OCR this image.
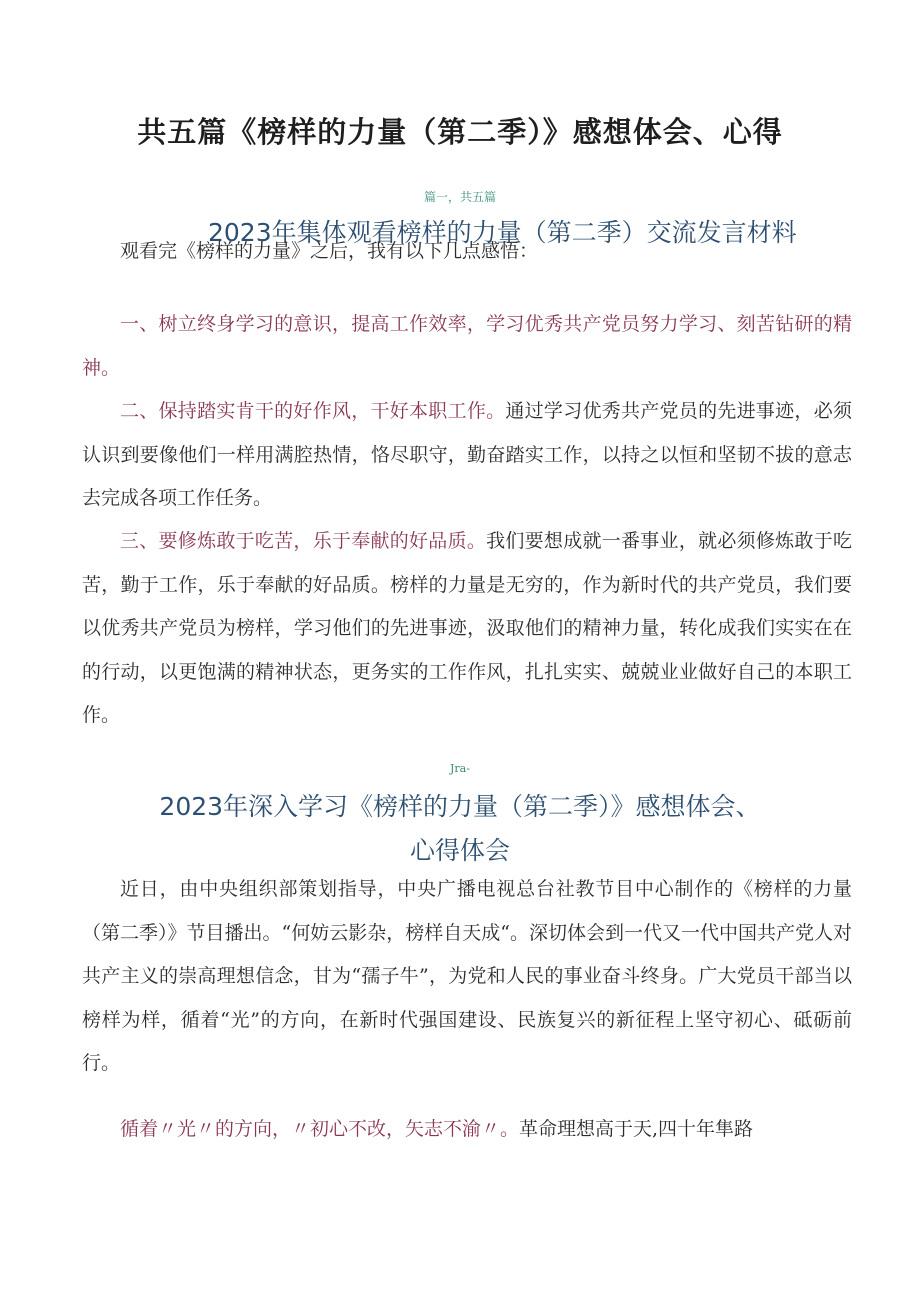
共五篇《榜样的力量（第二季）》感想体会、心得
篇一，共五篇
2023年集体观看榜样的力量（第二季）交流发言材料

观看完《榜样的力量》之后，我有以下几点感悟：

一、树立终身学习的意识，提高工作效率，学习优秀共产党员努力学习、刻苦钻研的精神。

二、保持踏实肯干的好作风，干好本职工作。通过学习优秀共产党员的先进事迹，必须认识到要像他们一样用满腔热情，恪尽职守，勤奋踏实工作，以持之以恒和坚韧不拔的意志去完成各项工作任务。

三、要修炼敢于吃苦，乐于奉献的好品质。我们要想成就一番事业，就必须修炼敢于吃苦，勤于工作，乐于奉献的好品质。榜样的力量是无穷的，作为新时代的共产党员，我们要以优秀共产党员为榜样，学习他们的先进事迹，汲取他们的精神力量，转化成我们实实在在的行动，以更饱满的精神状态，更务实的工作作风，扎扎实实、兢兢业业做好自己的本职工作。

Jra-
2023年深入学习《榜样的力量（第二季）》感想体会、
心得体会

近日，由中央组织部策划指导，中央广播电视总台社教节目中心制作的《榜样的力量（第二季）》节目播出。“何妨云影杂，榜样自天成“。深切体会到一代又一代中国共产党人对共产主义的崇高理想信念，甘为“孺子牛”，为党和人民的事业奋斗终身。广大党员干部当以榜样为样，循着“光”的方向，在新时代强国建设、民族复兴的新征程上坚守初心、砥砺前行。

循着〃光〃的方向，〃初心不改，矢志不渝〃。革命理想高于天,四十年隼路
